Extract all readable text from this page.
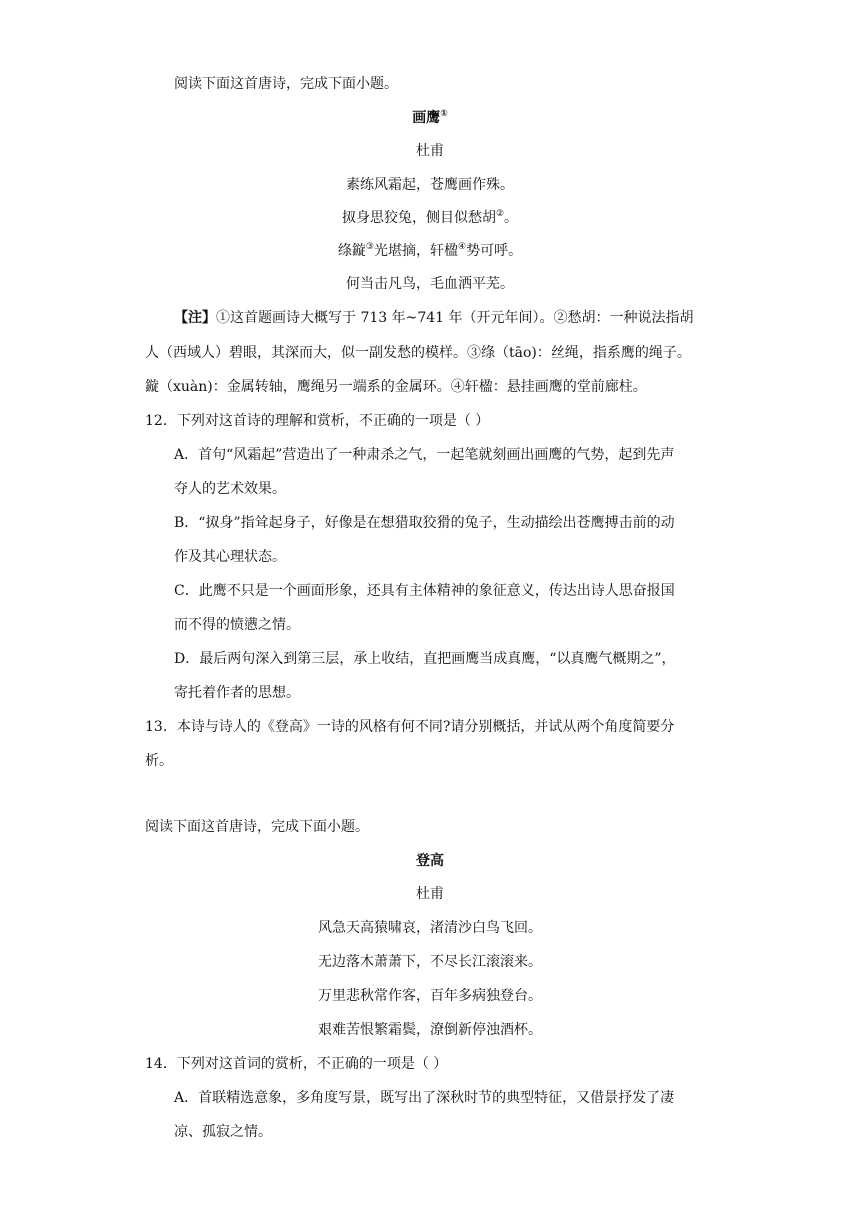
阅读下面这首唐诗，完成下面小题。
画鹰①
杜甫
素练风霜起，苍鹰画作殊。
㧐身思狡兔，侧目似愁胡②。
绦鏇③光堪摘，轩楹④势可呼。
何当击凡鸟，毛血洒平芜。
【注】①这首题画诗大概写于 713 年~741 年（开元年间）。②愁胡：一种说法指胡
人（西域人）碧眼，其深而大，似一副发愁的模样。③绦（tāo)：丝绳，指系鹰的绳子。
鏇（xuàn)：金属转轴，鹰绳另一端系的金属环。④轩楹：悬挂画鹰的堂前廊柱。
12．下列对这首诗的理解和赏析，不正确的一项是（ ）
A．首句“风霜起”营造出了一种肃杀之气，一起笔就刻画出画鹰的气势，起到先声
夺人的艺术效果。
B．“㧐身”指耸起身子，好像是在想猎取狡猾的兔子，生动描绘出苍鹰搏击前的动
作及其心理状态。
C．此鹰不只是一个画面形象，还具有主体精神的象征意义，传达出诗人思奋报国
而不得的愤懑之情。
D．最后两句深入到第三层，承上收结，直把画鹰当成真鹰，“以真鹰气概期之”，
寄托着作者的思想。
13．本诗与诗人的《登高》一诗的风格有何不同?请分别概括，并试从两个角度简要分
析。
阅读下面这首唐诗，完成下面小题。
登高
杜甫
风急天高猿啸哀，渚清沙白鸟飞回。
无边落木萧萧下，不尽长江滚滚来。
万里悲秋常作客，百年多病独登台。
艰难苦恨繁霜鬓，潦倒新停浊酒杯。
14．下列对这首词的赏析，不正确的一项是（ ）
A．首联精选意象，多角度写景，既写出了深秋时节的典型特征，又借景抒发了凄
凉、孤寂之情。
